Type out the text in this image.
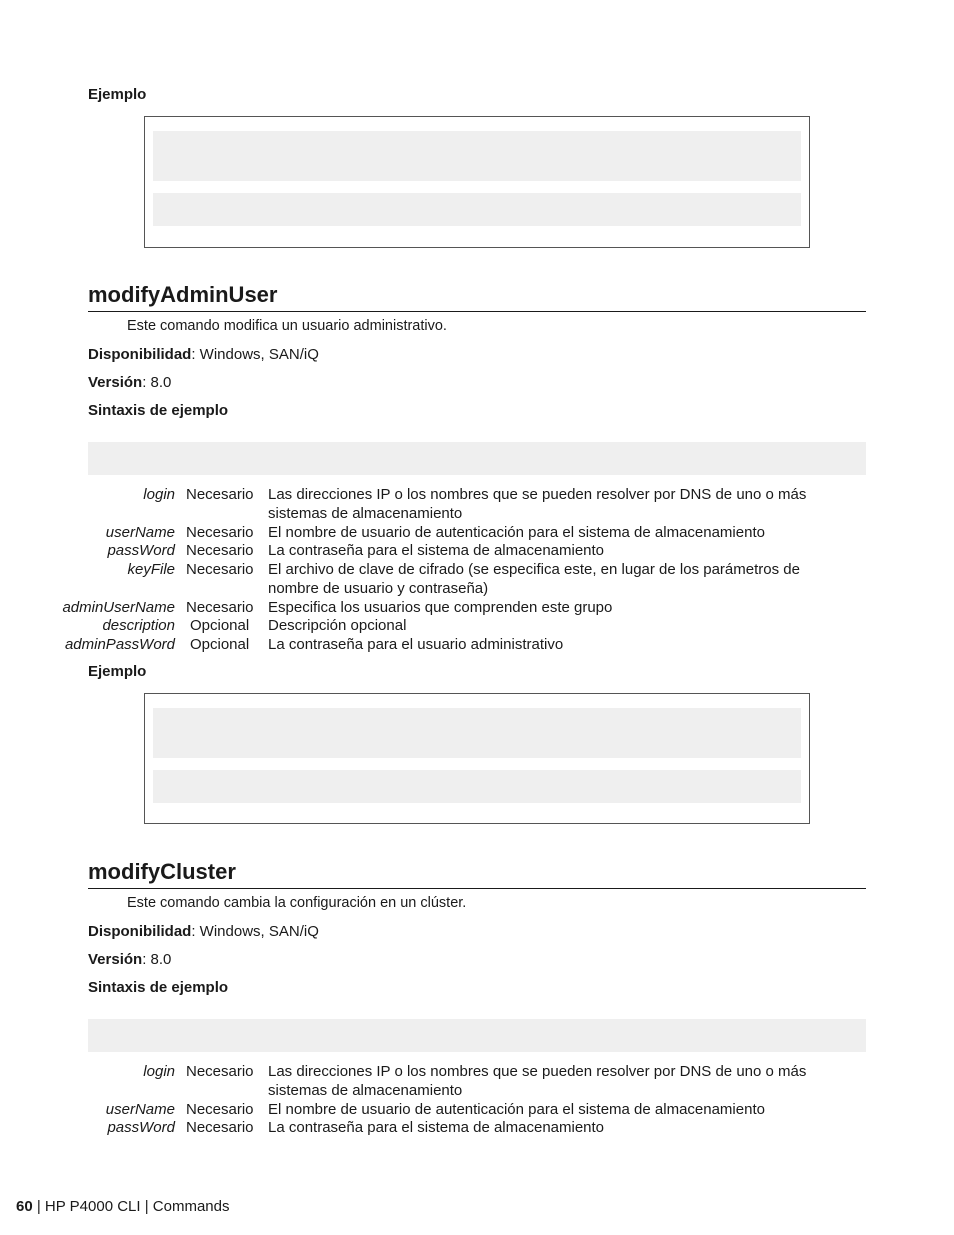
Ejemplo
modifyAdminUser
Este comando modifica un usuario administrativo.
Disponibilidad: Windows, SAN/iQ
Versión: 8.0
Sintaxis de ejemplo
login Necesario Las direcciones IP o los nombres que se pueden resolver por DNS de uno o más sistemas de almacenamiento
userName Necesario El nombre de usuario de autenticación para el sistema de almacenamiento
passWord Necesario La contraseña para el sistema de almacenamiento
keyFile Necesario El archivo de clave de cifrado (se especifica este, en lugar de los parámetros de nombre de usuario y contraseña)
adminUserName Necesario Especifica los usuarios que comprenden este grupo
description Opcional	Descripción opcional
adminPassWord Opcional	La contraseña para el usuario administrativo
Ejemplo
modifyCluster
Este comando cambia la configuración en un clúster.
Disponibilidad: Windows, SAN/iQ
Versión: 8.0
Sintaxis de ejemplo
login Necesario Las direcciones IP o los nombres que se pueden resolver por DNS de uno o más sistemas de almacenamiento
userName Necesario El nombre de usuario de autenticación para el sistema de almacenamiento
passWord Necesario La contraseña para el sistema de almacenamiento
60 | HP P4000 CLI | Commands
